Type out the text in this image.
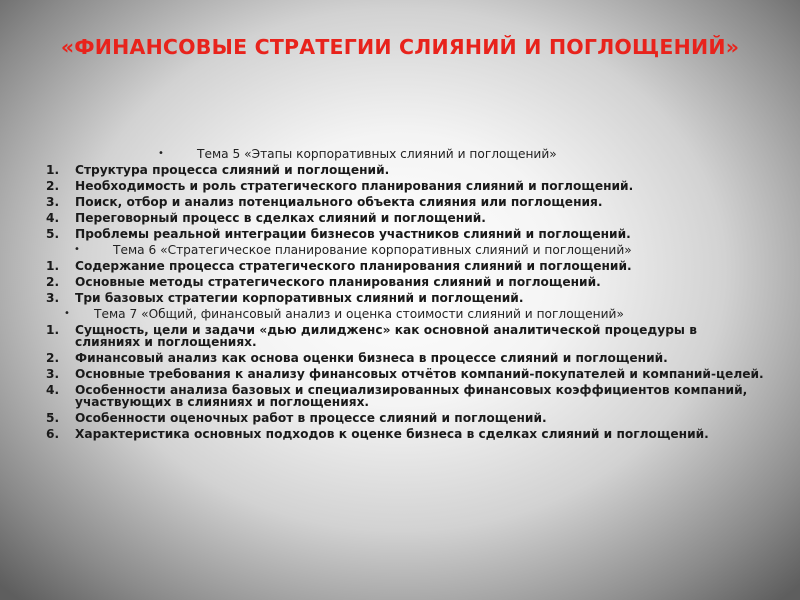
«ФИНАНСОВЫЕ СТРАТЕГИИ СЛИЯНИЙ И ПОГЛОЩЕНИЙ»
•	Тема 5 «Этапы корпоративных слияний и поглощений»
1. Структура процесса слияний и поглощений.
2. Необходимость и роль стратегического планирования слияний и поглощений.
3. Поиск, отбор и анализ потенциального объекта слияния или поглощения.
4. Переговорный процесс в сделках слияний и поглощений.
5. Проблемы реальной интеграции бизнесов участников слияний и поглощений.
•	Тема 6 «Стратегическое планирование корпоративных слияний и поглощений»
1. Содержание процесса стратегического планирования слияний и поглощений.
2. Основные методы стратегического планирования слияний и поглощений.
3. Три базовых стратегии корпоративных слияний и поглощений.
• Тема 7 «Общий, финансовый анализ и оценка стоимости слияний и поглощений»
1. Сущность, цели и задачи «дью дилидженс» как основной аналитической процедуры в слияниях и поглощениях.
2. Финансовый анализ как основа оценки бизнеса в процессе слияний и поглощений.
3. Основные требования к анализу финансовых отчётов компаний-покупателей и компаний-целей.
4. Особенности анализа базовых и специализированных финансовых коэффициентов компаний, участвующих в слияниях и поглощениях.
5. Особенности оценочных работ в процессе слияний и поглощений.
6. Характеристика основных подходов к оценке бизнеса в сделках слияний и поглощений.
